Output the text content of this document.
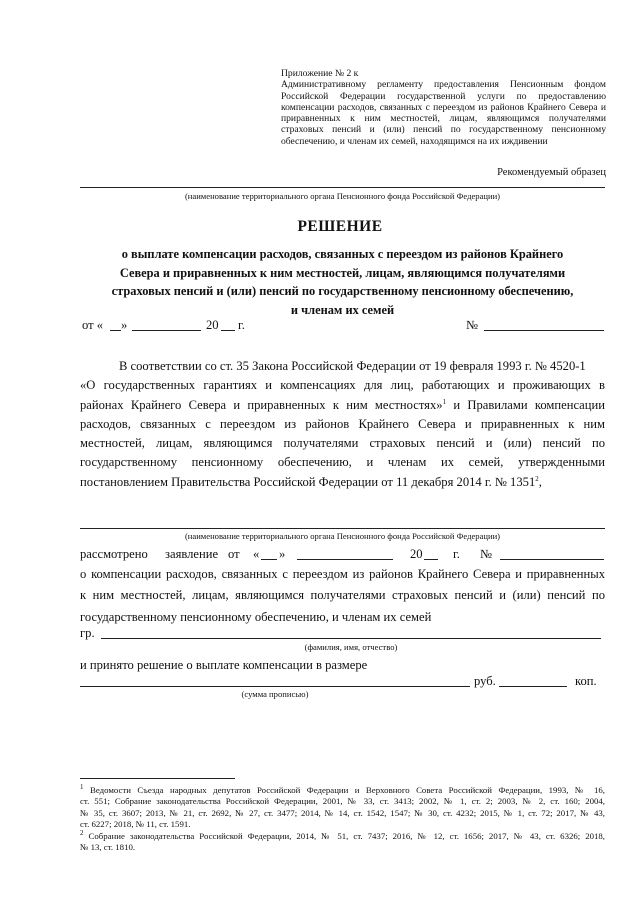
Приложение № 2 к
Административному регламенту предоставления Пенсионным фондом
Российской Федерации государственной услуги по предоставлению
компенсации расходов, связанных с переездом из районов Крайнего Севера и
приравненных к ним местностей, лицам, являющимся получателями
страховых пенсий и (или) пенсий по государственному пенсионному
обеспечению, и членам их семей, находящимся на их иждивении
Рекомендуемый образец
(наименование территориального органа Пенсионного фонда Российской Федерации)
РЕШЕНИЕ
о выплате компенсации расходов, связанных с переездом из районов Крайнего
Севера и приравненных к ним местностей, лицам, являющимся получателями
страховых пенсий и (или) пенсий по государственному пенсионному обеспечению,
и членам их семей
от « »	20 г.	№
В соответствии со ст. 35 Закона Российской Федерации от 19 февраля 1993 г. № 4520-1
«О государственных гарантиях и компенсациях для лиц, работающих и проживающих в
районах Крайнего Севера и приравненных к ним местностях»$^1$ и Правилами компенсации
расходов, связанных с переездом из районов Крайнего Севера и приравненных к ним
местностей, лицам, являющимся получателями страховых пенсий и (или) пенсий по
государственному пенсионному обеспечению, и членам их семей, утвержденными
постановлением Правительства Российской Федерации от 11 декабря 2014 г. № 1351$^2$,
(наименование территориального органа Пенсионного фонда Российской Федерации)
рассмотрено заявление от « »	20 г. №
о компенсации расходов, связанных с переездом из районов Крайнего Севера и приравненных
к ним местностей, лицам, являющимся получателями страховых пенсий и (или) пенсий по
государственному пенсионному обеспечению, и членам их семей
гр.
(фамилия, имя, отчество)
и принято решение о выплате компенсации в размере
руб.	коп.
(сумма прописью)
$^1$ Ведомости Съезда народных депутатов Российской Федерации и Верховного Совета Российской Федерации, 1993, № 16,
ст. 551; Собрание законодательства Российской Федерации, 2001, № 33, ст. 3413; 2002, № 1, ст. 2; 2003, № 2, ст. 160; 2004,
№ 35, ст. 3607; 2013, № 21, ст. 2692, № 27, ст. 3477; 2014, № 14, ст. 1542, 1547; № 30, ст. 4232; 2015, № 1, ст. 72; 2017, № 43,
ст. 6227; 2018, № 11, ст. 1591.
$^2$ Собрание законодательства Российской Федерации, 2014, № 51, ст. 7437; 2016, № 12, ст. 1656; 2017, № 43, ст. 6326; 2018,
№ 13, ст. 1810.
